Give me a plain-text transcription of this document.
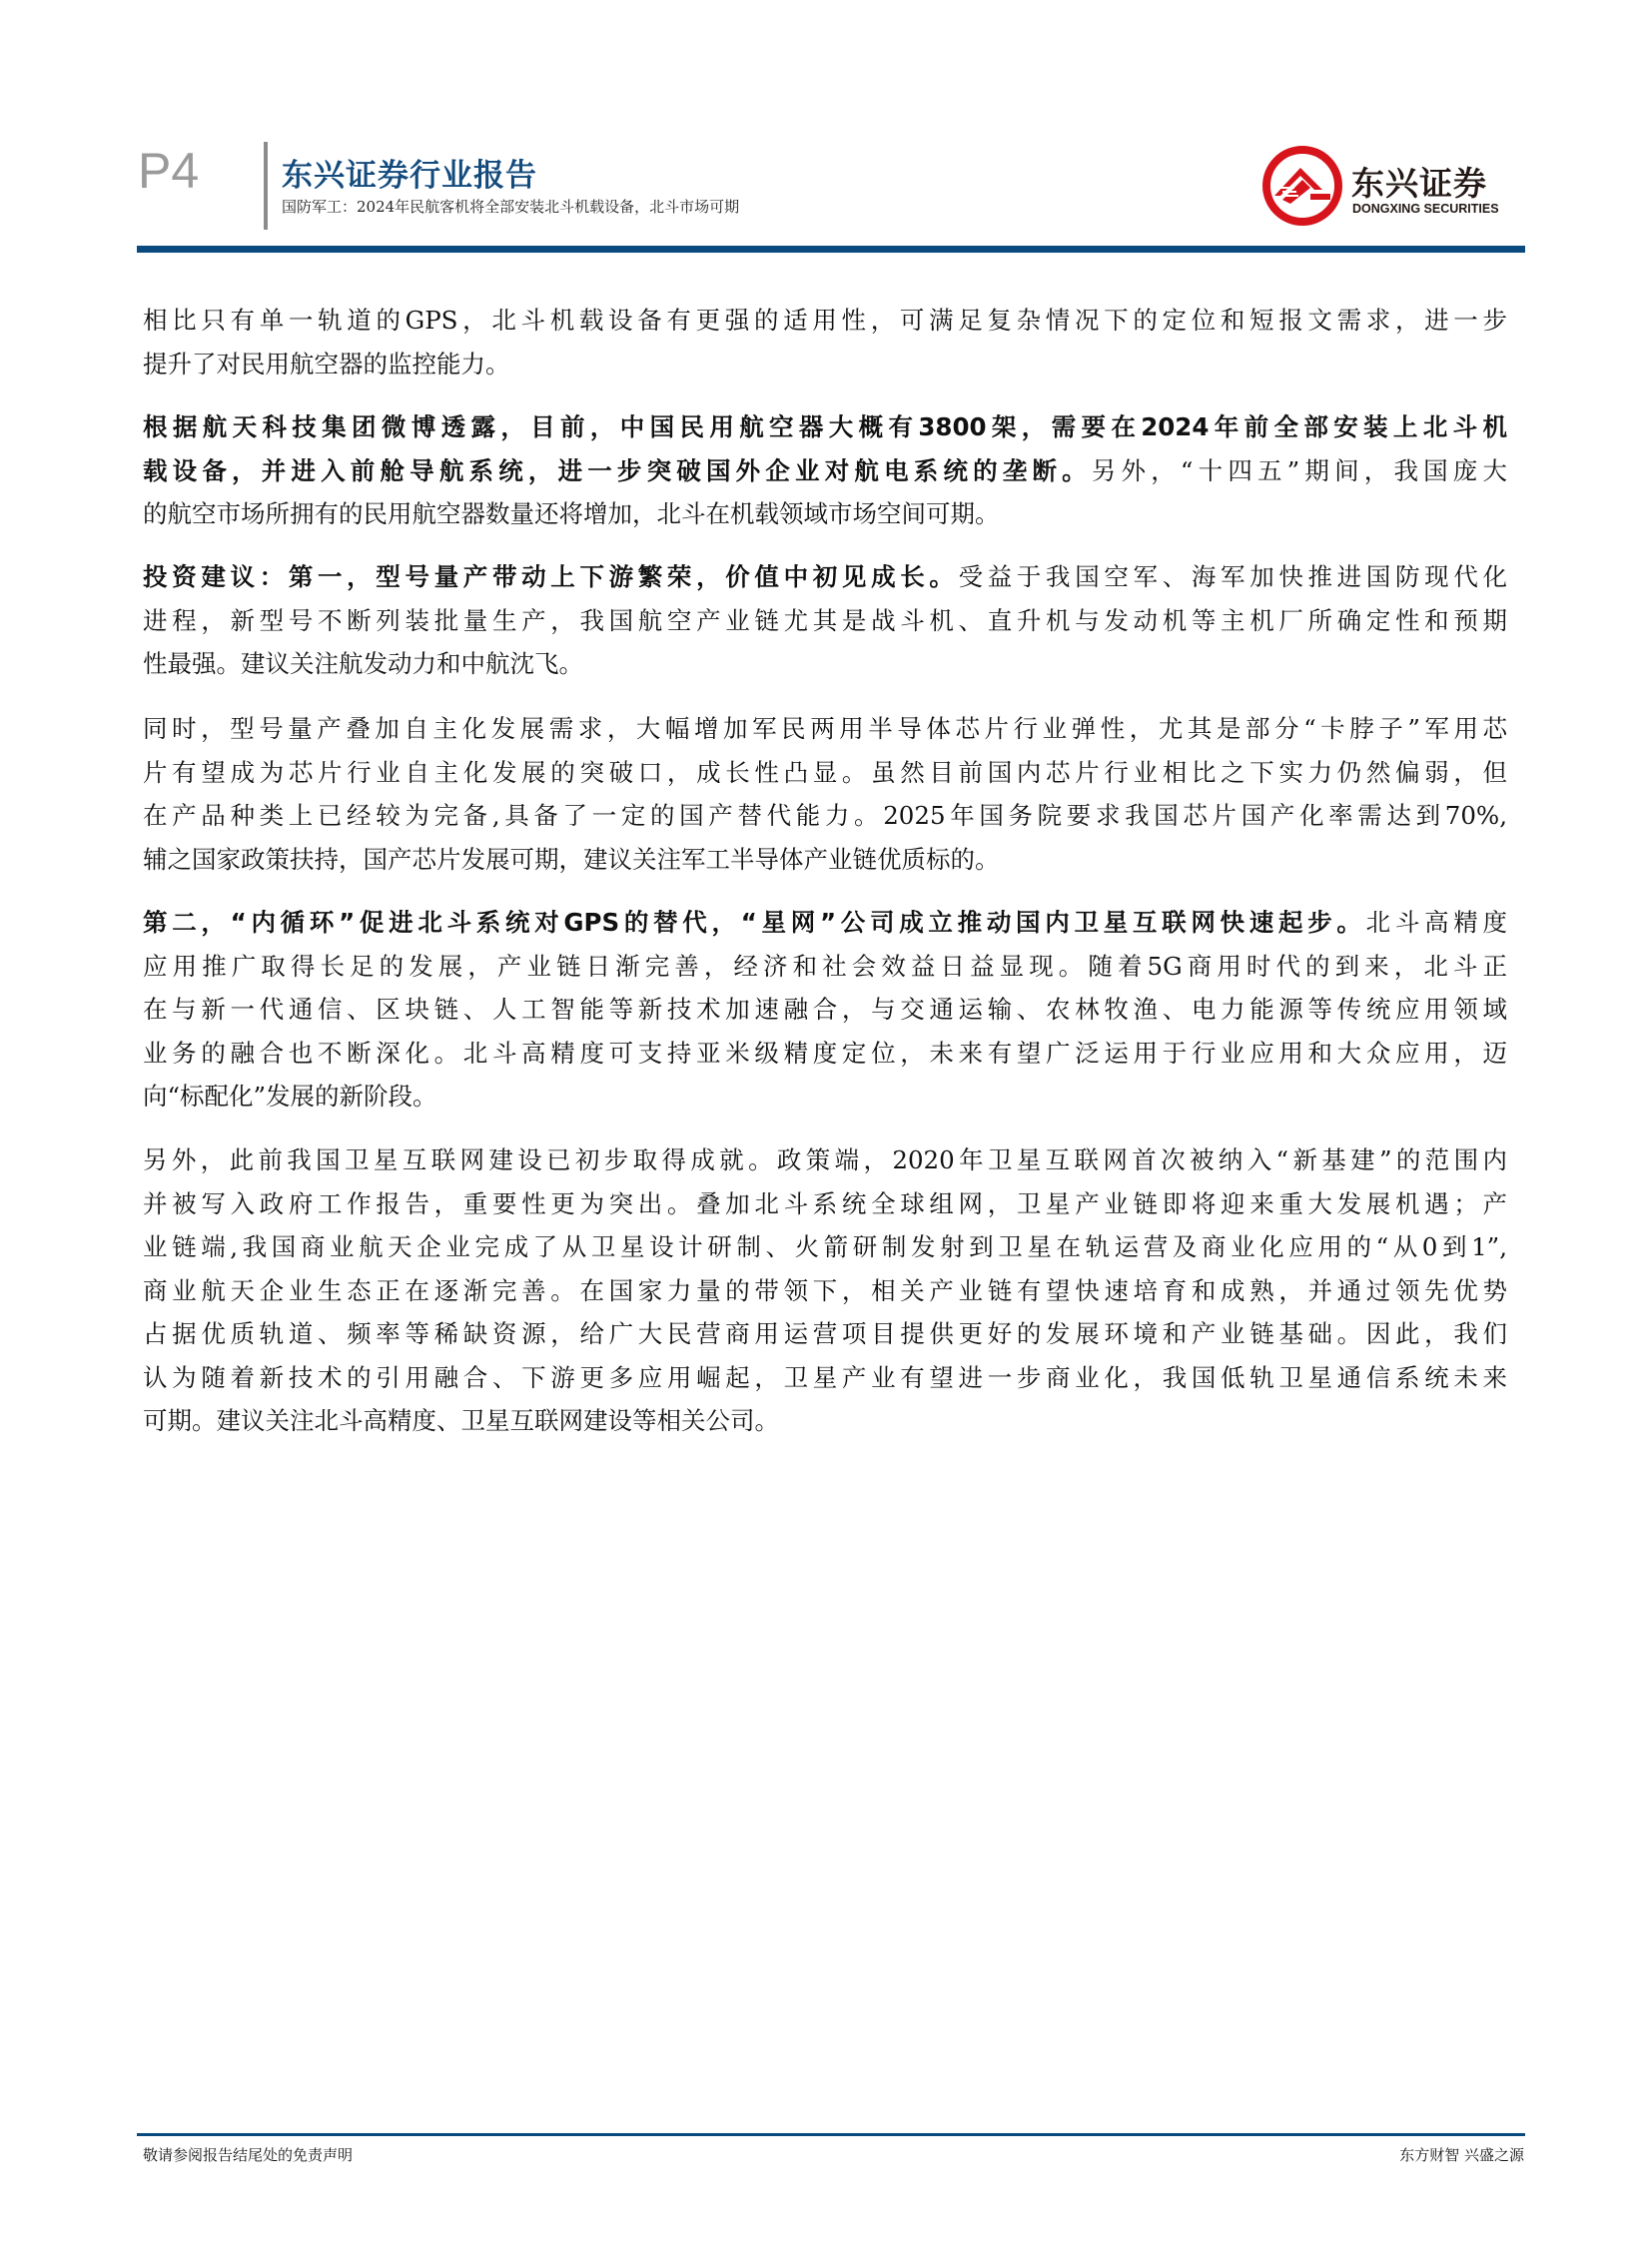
P4	东兴证券行业报告
国防军工：2024年民航客机将全部安装北斗机载设备，北斗市场可期
东兴证券
DONGXING SECURITIES
相比只有单一轨道的GPS，北斗机载设备有更强的适用性，可满足复杂情况下的定位和短报文需求，进一步
提升了对民用航空器的监控能力。
根据航天科技集团微博透露，目前，中国民用航空器大概有3800架，需要在2024年前全部安装上北斗机
载设备，并进入前舱导航系统，进一步突破国外企业对航电系统的垄断。另外，“十四五”期间，我国庞大
的航空市场所拥有的民用航空器数量还将增加，北斗在机载领域市场空间可期。
投资建议：第一，型号量产带动上下游繁荣，价值中初见成长。受益于我国空军、海军加快推进国防现代化
进程，新型号不断列装批量生产，我国航空产业链尤其是战斗机、直升机与发动机等主机厂所确定性和预期
性最强。建议关注航发动力和中航沈飞。
同时，型号量产叠加自主化发展需求，大幅增加军民两用半导体芯片行业弹性，尤其是部分“卡脖子”军用芯
片有望成为芯片行业自主化发展的突破口，成长性凸显。虽然目前国内芯片行业相比之下实力仍然偏弱，但
在产品种类上已经较为完备,具备了一定的国产替代能力。2025年国务院要求我国芯片国产化率需达到70%,
辅之国家政策扶持，国产芯片发展可期，建议关注军工半导体产业链优质标的。
第二，“内循环”促进北斗系统对GPS的替代，“星网”公司成立推动国内卫星互联网快速起步。北斗高精度
应用推广取得长足的发展，产业链日渐完善，经济和社会效益日益显现。随着5G商用时代的到来，北斗正
在与新一代通信、区块链、人工智能等新技术加速融合，与交通运输、农林牧渔、电力能源等传统应用领域
业务的融合也不断深化。北斗高精度可支持亚米级精度定位，未来有望广泛运用于行业应用和大众应用，迈
向“标配化”发展的新阶段。
另外，此前我国卫星互联网建设已初步取得成就。政策端，2020年卫星互联网首次被纳入“新基建”的范围内
并被写入政府工作报告，重要性更为突出。叠加北斗系统全球组网，卫星产业链即将迎来重大发展机遇；产
业链端,我国商业航天企业完成了从卫星设计研制、火箭研制发射到卫星在轨运营及商业化应用的“从0到1”,
商业航天企业生态正在逐渐完善。在国家力量的带领下，相关产业链有望快速培育和成熟，并通过领先优势
占据优质轨道、频率等稀缺资源，给广大民营商用运营项目提供更好的发展环境和产业链基础。因此，我们
认为随着新技术的引用融合、下游更多应用崛起，卫星产业有望进一步商业化，我国低轨卫星通信系统未来
可期。建议关注北斗高精度、卫星互联网建设等相关公司。
敬请参阅报告结尾处的免责声明	东方财智 兴盛之源
